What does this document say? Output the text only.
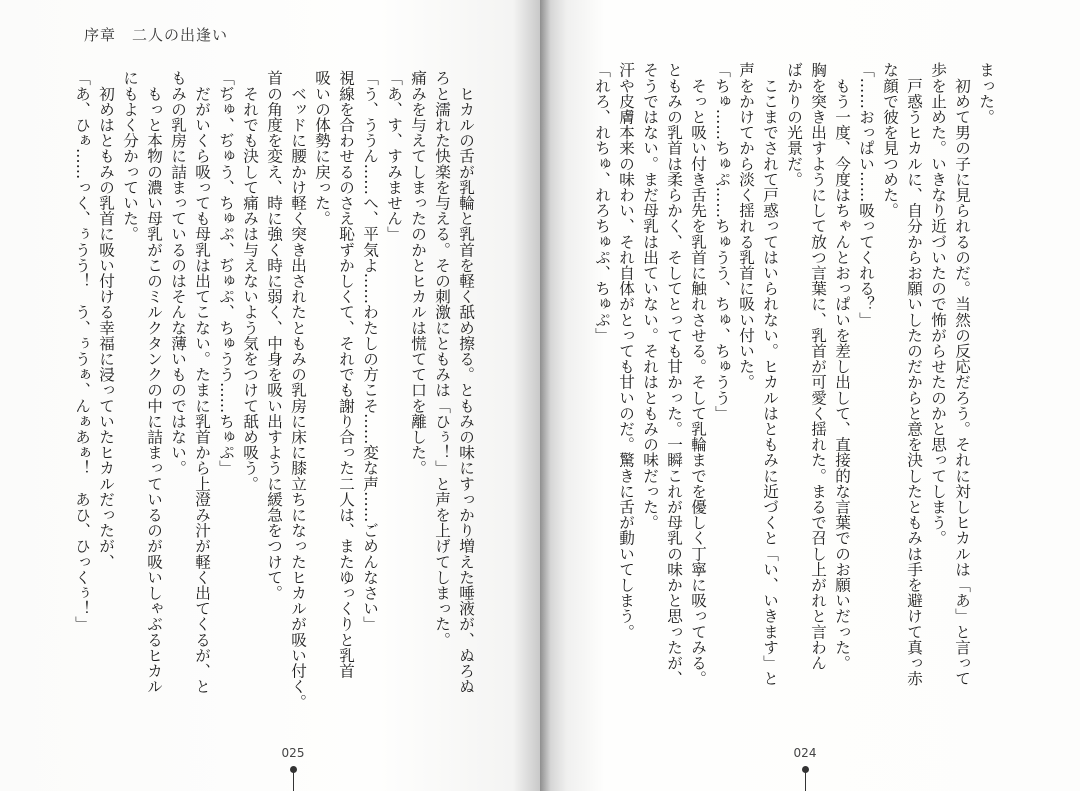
序章　二人の出逢い
　ヒカルの舌が乳輪と乳首を軽く舐め擦る。ともみの味にすっかり増えた唾液が、ぬろぬ
ろと濡れた快楽を与える。その刺激にともみは「ひぅ！」と声を上げてしまった。
痛みを与えてしまったのかとヒカルは慌てて口を離した。
「あ、す、すみません」
「う、ううん……へ、平気よ……わたしの方こそ……変な声……ごめんなさい」
視線を合わせるのさえ恥ずかしくて、それでも謝り合った二人は、またゆっくりと乳首
吸いの体勢に戻った。
　ベッドに腰かけ軽く突き出されたともみの乳房に床に膝立ちになったヒカルが吸い付く。
首の角度を変え、時に強く時に弱く、中身を吸い出すように緩急をつけて。
　それでも決して痛みは与えないよう気をつけて舐め吸う。
「ぢゅ、ぢゅう、ちゅぷ、ぢゅぷ、ちゅうう……ちゅぷ」
　だがいくら吸っても母乳は出てこない。たまに乳首から上澄み汁が軽く出てくるが、と
もみの乳房に詰まっているのはそんな薄いものではない。
　もっと本物の濃い母乳がこのミルクタンクの中に詰まっているのが吸いしゃぶるヒカル
にもよく分かっていた。
　初めはともみの乳首に吸い付ける幸福に浸っていたヒカルだったが、
「あ、ひぁ……っく、ぅうう！　う、ぅうぁ、んぁあぁ！　あひ、ひっくぅ！」
025
まった。
　初めて男の子に見られるのだ。当然の反応だろう。それに対しヒカルは「あ」と言って
歩を止めた。いきなり近づいたので怖がらせたのかと思ってしまう。
　戸惑うヒカルに、自分からお願いしたのだからと意を決したともみは手を避けて真っ赤
な顔で彼を見つめた。
「……おっぱい……吸ってくれる？」
　もう一度、今度はちゃんとおっぱいを差し出して、直接的な言葉でのお願いだった。
胸を突き出すようにして放つ言葉に、乳首が可愛く揺れた。まるで召し上がれと言わん
ばかりの光景だ。
　ここまでされて戸惑ってはいられない。ヒカルはともみに近づくと「い、いきます」と
声をかけてから淡く揺れる乳首に吸い付いた。
「ちゅ……ちゅぷ……ちゅうう、ちゅ、ちゅうう」
　そっと吸い付き舌先を乳首に触れさせる。そして乳輪までを優しく丁寧に吸ってみる。
ともみの乳首は柔らかく、そしてとっても甘かった。一瞬これが母乳の味かと思ったが、
そうではない。まだ母乳は出ていない。それはともみの味だった。
汗や皮膚本来の味わい、それ自体がとっても甘いのだ。驚きに舌が動いてしまう。
「れろ、れちゅ、れろちゅぷ、ちゅぷ」
024
